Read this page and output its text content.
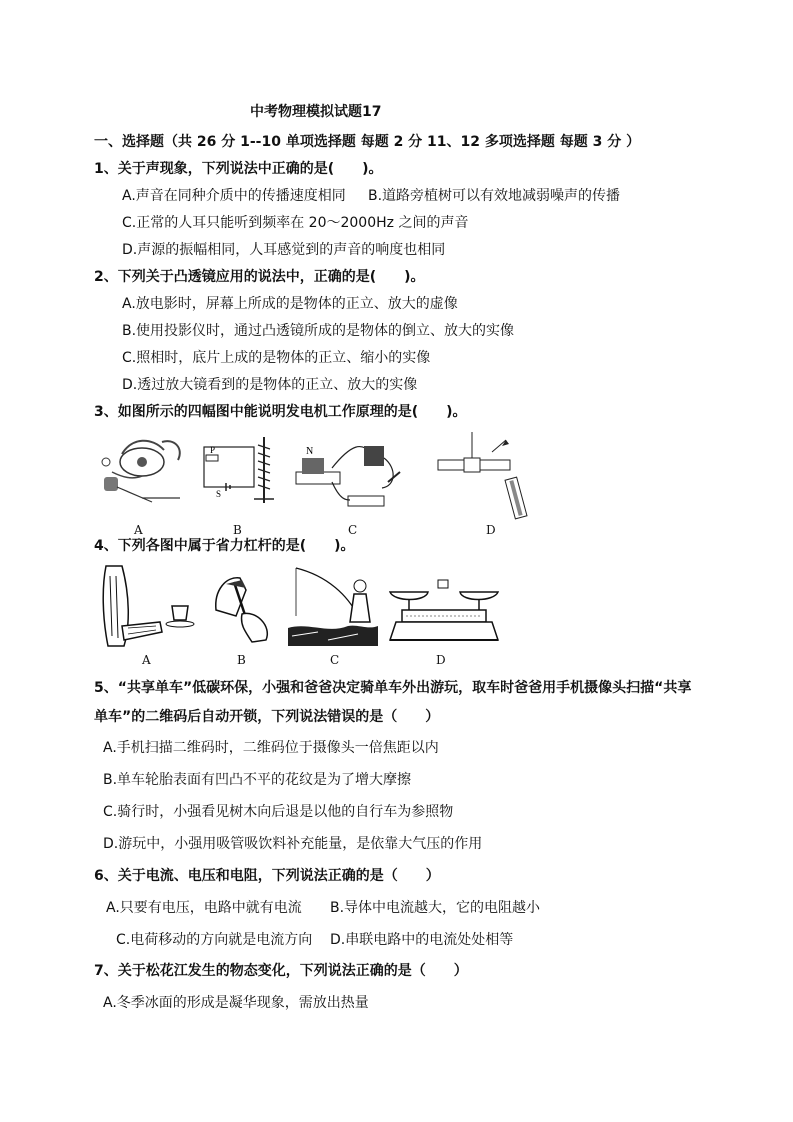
中考物理模拟试题17
一、选择题（共 26 分 1--10 单项选择题 每题 2 分 11、12 多项选择题 每题 3 分 ）
1、关于声现象，下列说法中正确的是(　　)。
A.声音在同种介质中的传播速度相同 B.道路旁植树可以有效地减弱噪声的传播
C.正常的人耳只能听到频率在 20～2000Hz 之间的声音
D.声源的振幅相同，人耳感觉到的声音的响度也相同
2、下列关于凸透镜应用的说法中，正确的是(　　)。
A.放电影时，屏幕上所成的是物体的正立、放大的虚像
B.使用投影仪时，通过凸透镜所成的是物体的倒立、放大的实像
C.照相时，底片上成的是物体的正立、缩小的实像
D.透过放大镜看到的是物体的正立、放大的实像
3、如图所示的四幅图中能说明发电机工作原理的是(　　)。
A
P
S
B
N
C	D
4、下列各图中属于省力杠杆的是(　　)。
A	B	C	D
5、“共享单车”低碳环保，小强和爸爸决定骑单车外出游玩，取车时爸爸用手机摄像头扫描“共享
单车”的二维码后自动开锁，下列说法错误的是（　　）
A.手机扫描二维码时，二维码位于摄像头一倍焦距以内
B.单车轮胎表面有凹凸不平的花纹是为了增大摩擦
C.骑行时，小强看见树木向后退是以他的自行车为参照物
D.游玩中，小强用吸管吸饮料补充能量，是依靠大气压的作用
6、关于电流、电压和电阻，下列说法正确的是（　　）
A.只要有电压，电路中就有电流 B.导体中电流越大，它的电阻越小
C.电荷移动的方向就是电流方向 D.串联电路中的电流处处相等
7、关于松花江发生的物态变化，下列说法正确的是（　　）
A.冬季冰面的形成是凝华现象，需放出热量
